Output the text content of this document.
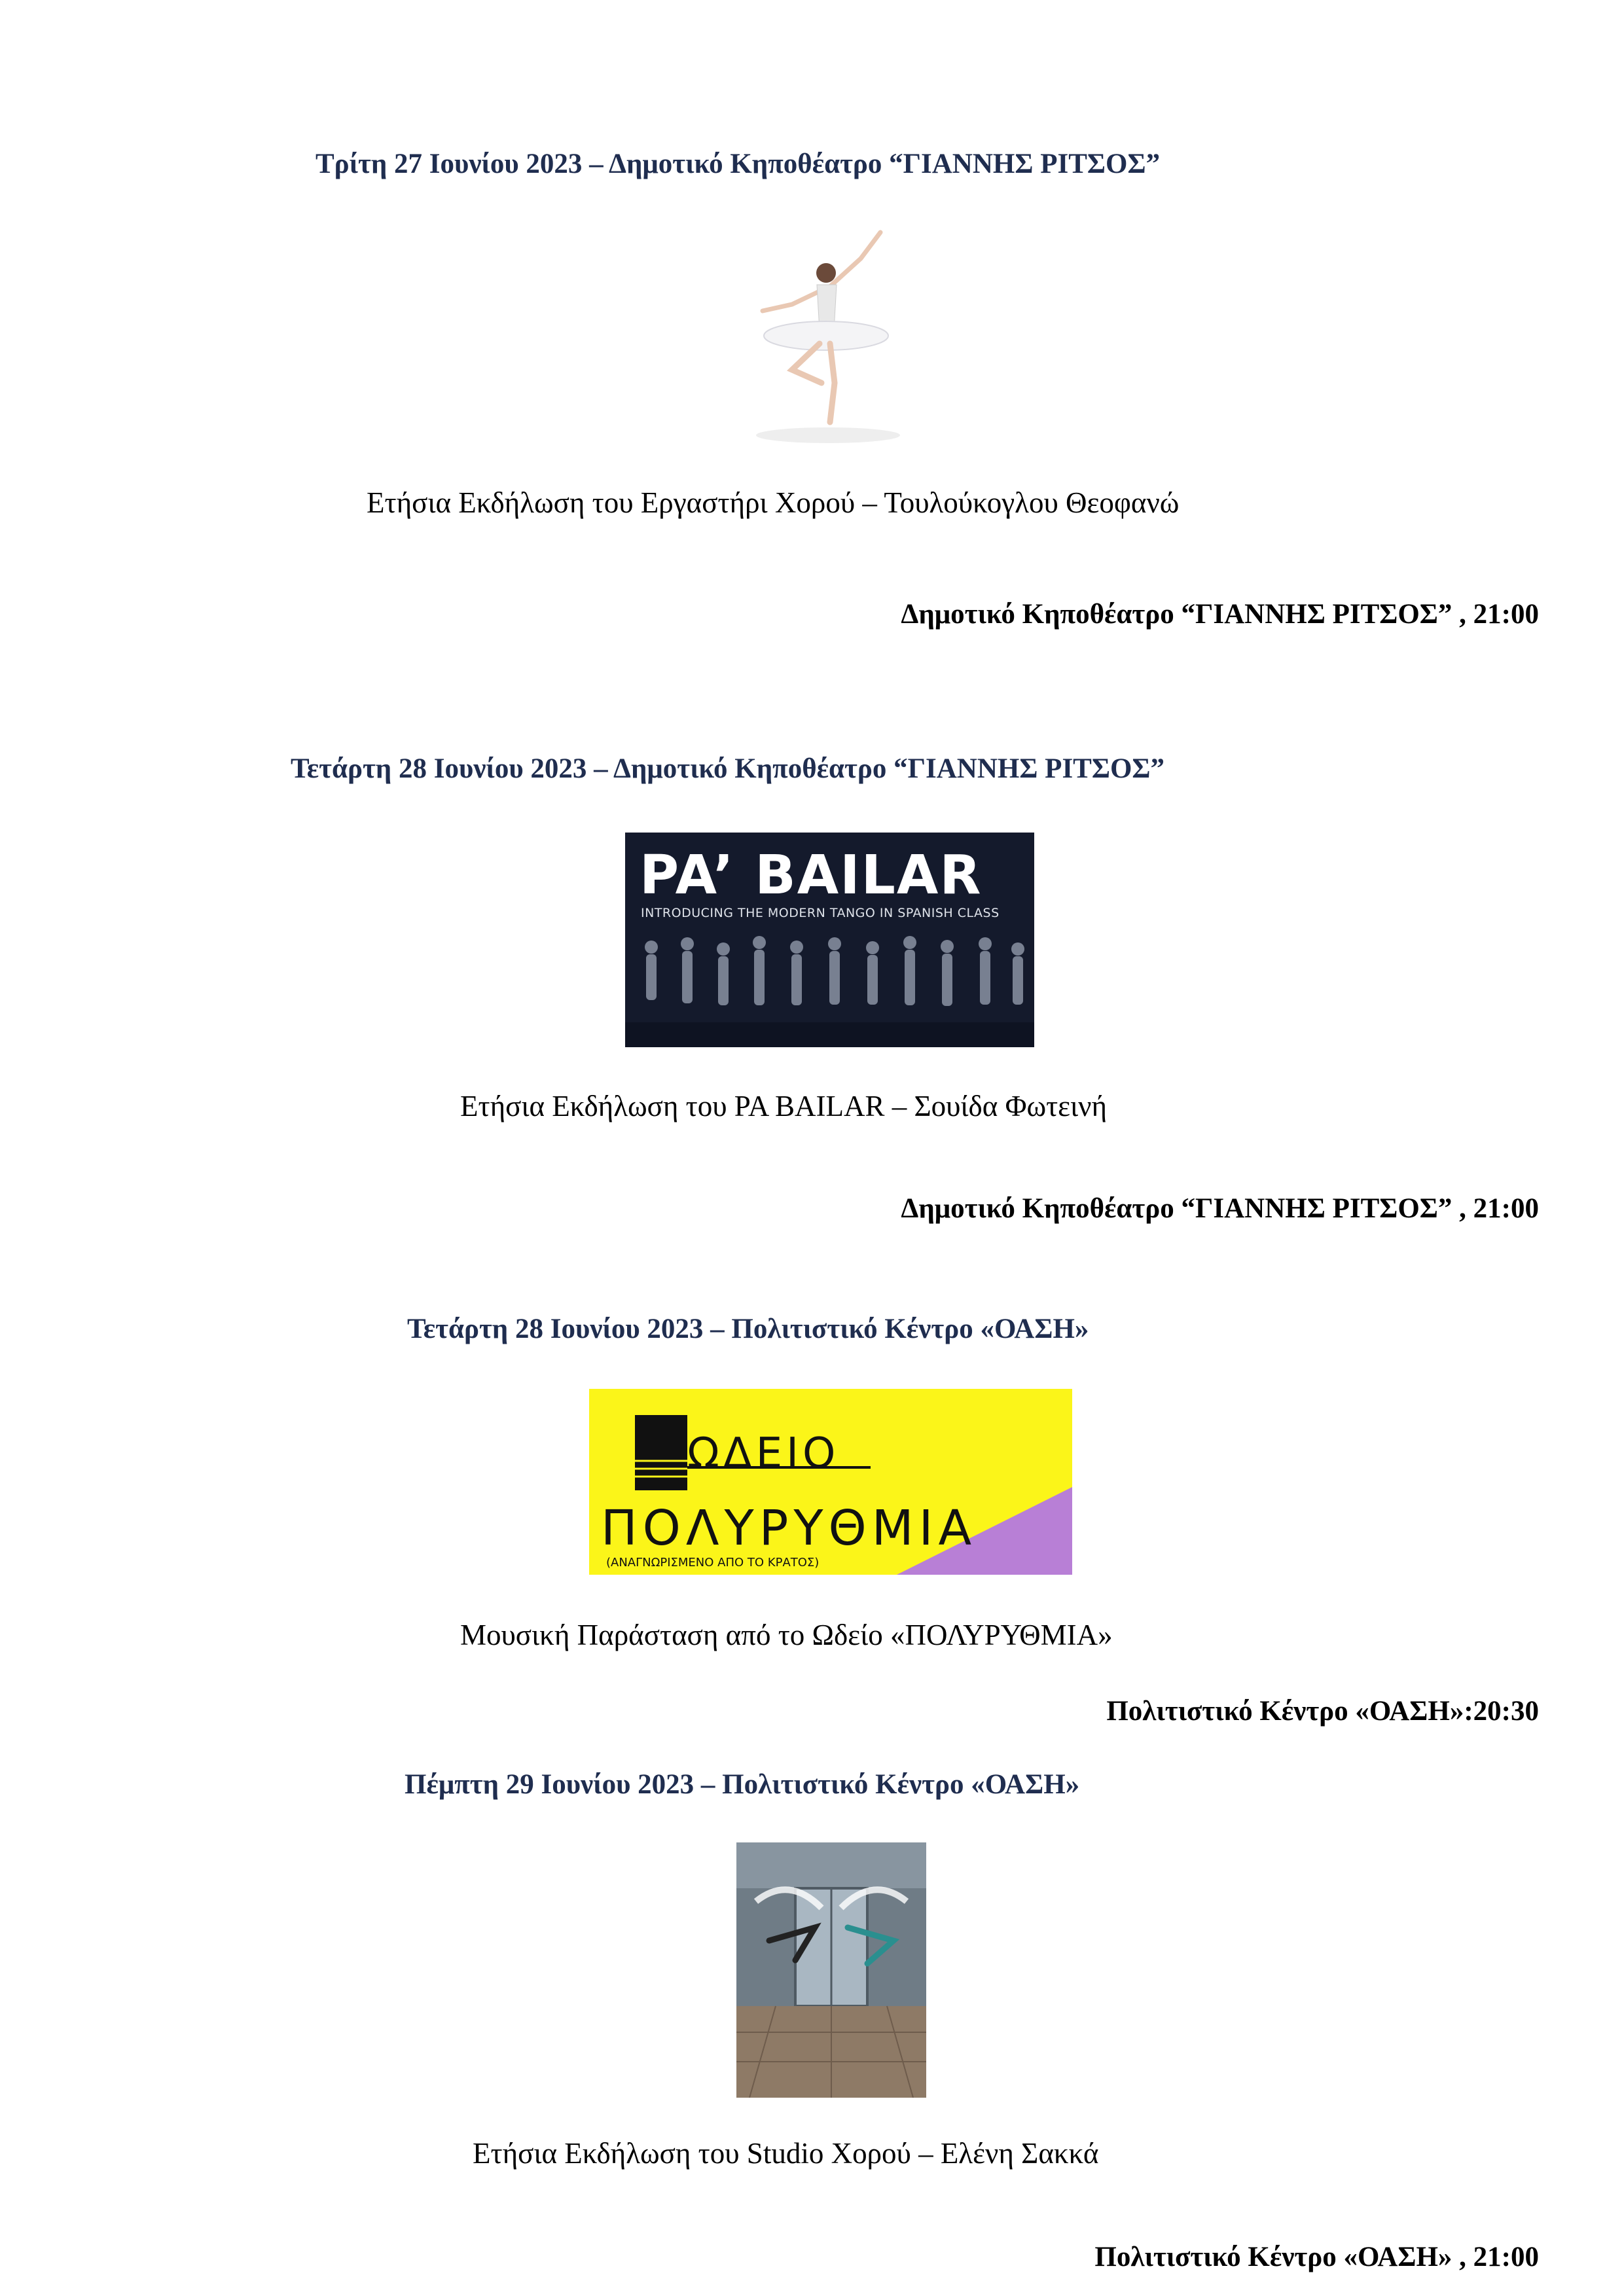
Τρίτη 27 Ιουνίου 2023 – Δημοτικό Κηποθέατρο “ΓΙΑΝΝΗΣ ΡΙΤΣΟΣ”
Ετήσια Εκδήλωση του Εργαστήρι Χορού – Τουλούκογλου Θεοφανώ
Δημοτικό Κηποθέατρο “ΓΙΑΝΝΗΣ ΡΙΤΣΟΣ” , 21:00
Τετάρτη 28 Ιουνίου 2023 – Δημοτικό Κηποθέατρο “ΓΙΑΝΝΗΣ ΡΙΤΣΟΣ”
PA’ BAILAR
INTRODUCING THE MODERN TANGO IN SPANISH CLASS
Ετήσια Εκδήλωση του PA BAILAR – Σουίδα Φωτεινή
Δημοτικό Κηποθέατρο “ΓΙΑΝΝΗΣ ΡΙΤΣΟΣ” , 21:00
Τετάρτη 28 Ιουνίου 2023 – Πολιτιστικό Κέντρο «ΟΑΣΗ»
ΩΔΕΙΟ
ΠΟΛΥΡΥΘΜΙΑ
(ΑΝΑΓΝΩΡΙΣΜΕΝΟ ΑΠΟ ΤΟ ΚΡΑΤΟΣ)
Μουσική Παράσταση από το Ωδείο «ΠΟΛΥΡΥΘΜΙΑ»
Πολιτιστικό Κέντρο «ΟΑΣΗ»:20:30
Πέμπτη 29 Ιουνίου 2023 – Πολιτιστικό Κέντρο «ΟΑΣΗ»
Ετήσια Εκδήλωση του Studio Χορού – Ελένη Σακκά
Πολιτιστικό Κέντρο «ΟΑΣΗ» , 21:00
